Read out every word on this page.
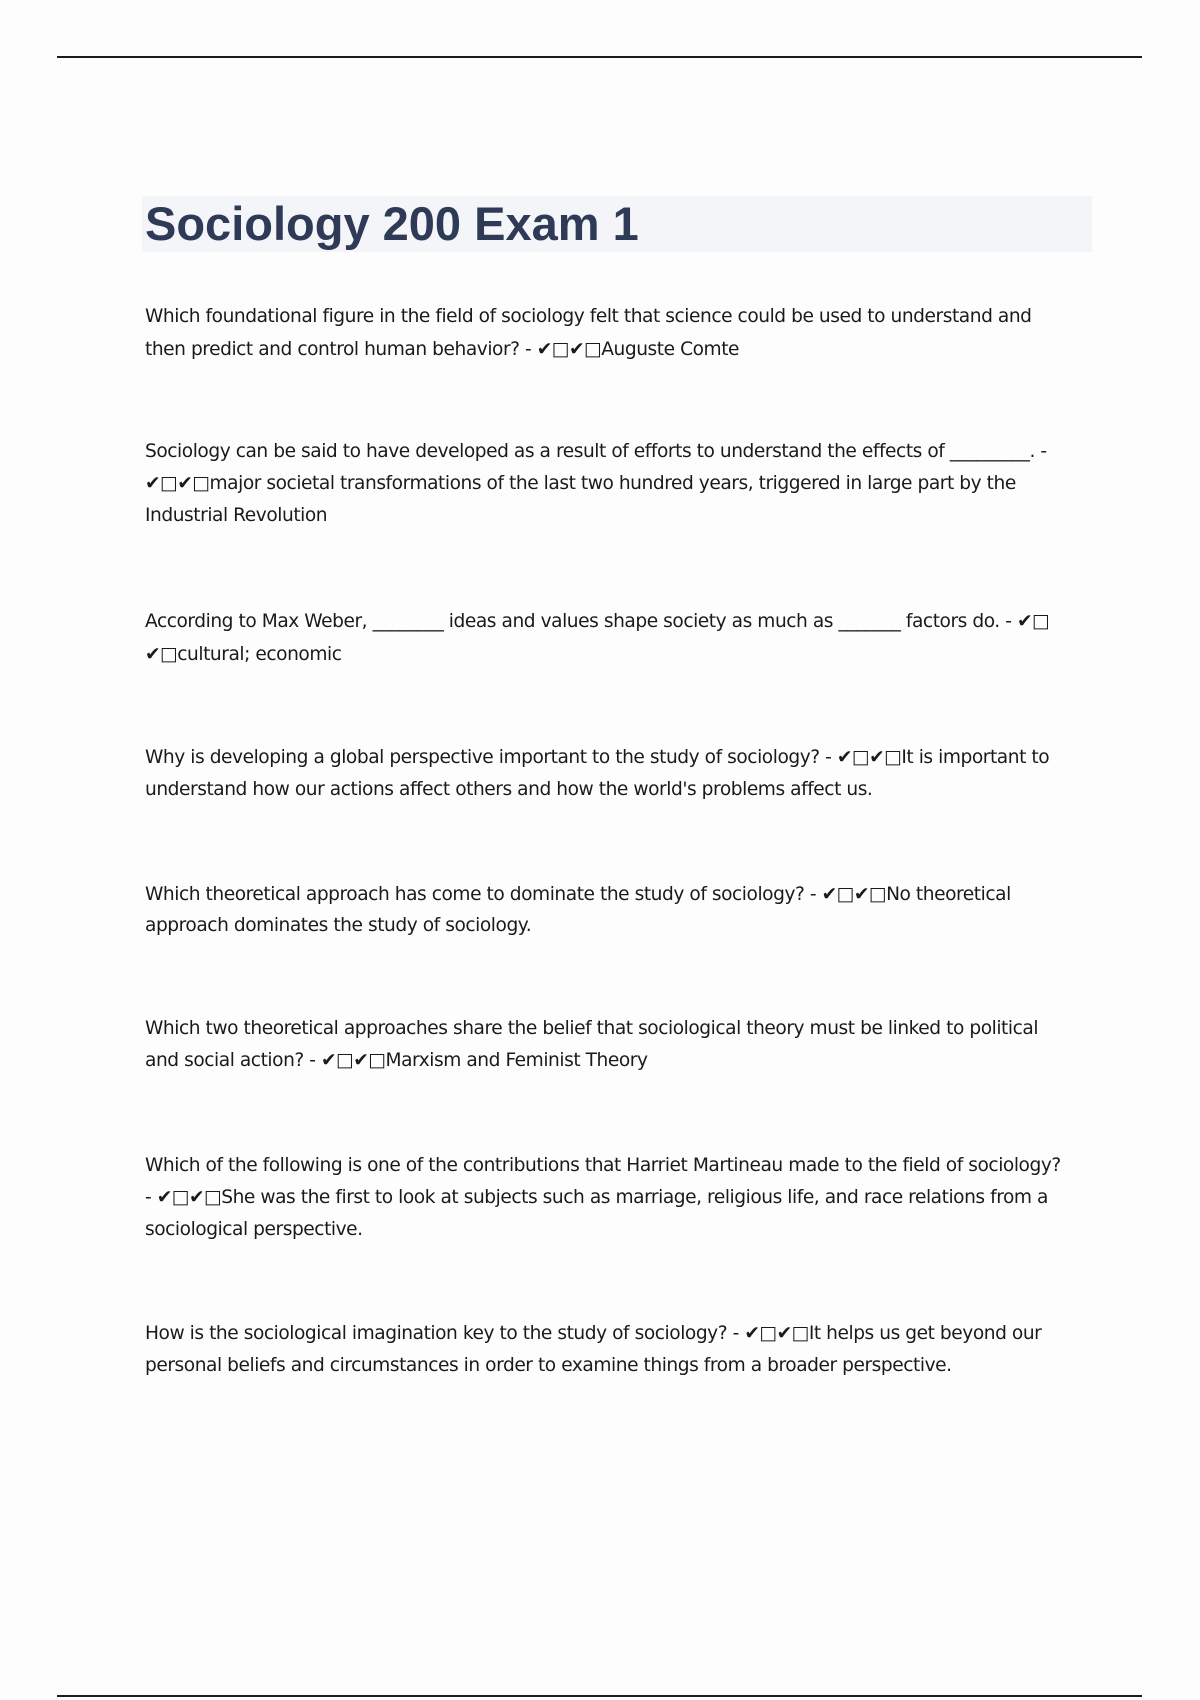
Sociology 200 Exam 1
Which foundational figure in the field of sociology felt that science could be used to understand and
then predict and control human behavior? - ✔□✔□Auguste Comte
Sociology can be said to have developed as a result of efforts to understand the effects of _________. -
✔□✔□major societal transformations of the last two hundred years, triggered in large part by the
Industrial Revolution
According to Max Weber, ________ ideas and values shape society as much as _______ factors do. - ✔□
✔□cultural; economic
Why is developing a global perspective important to the study of sociology? - ✔□✔□It is important to
understand how our actions affect others and how the world's problems affect us.
Which theoretical approach has come to dominate the study of sociology? - ✔□✔□No theoretical
approach dominates the study of sociology.
Which two theoretical approaches share the belief that sociological theory must be linked to political
and social action? - ✔□✔□Marxism and Feminist Theory
Which of the following is one of the contributions that Harriet Martineau made to the field of sociology?
- ✔□✔□She was the first to look at subjects such as marriage, religious life, and race relations from a
sociological perspective.
How is the sociological imagination key to the study of sociology? - ✔□✔□It helps us get beyond our
personal beliefs and circumstances in order to examine things from a broader perspective.
